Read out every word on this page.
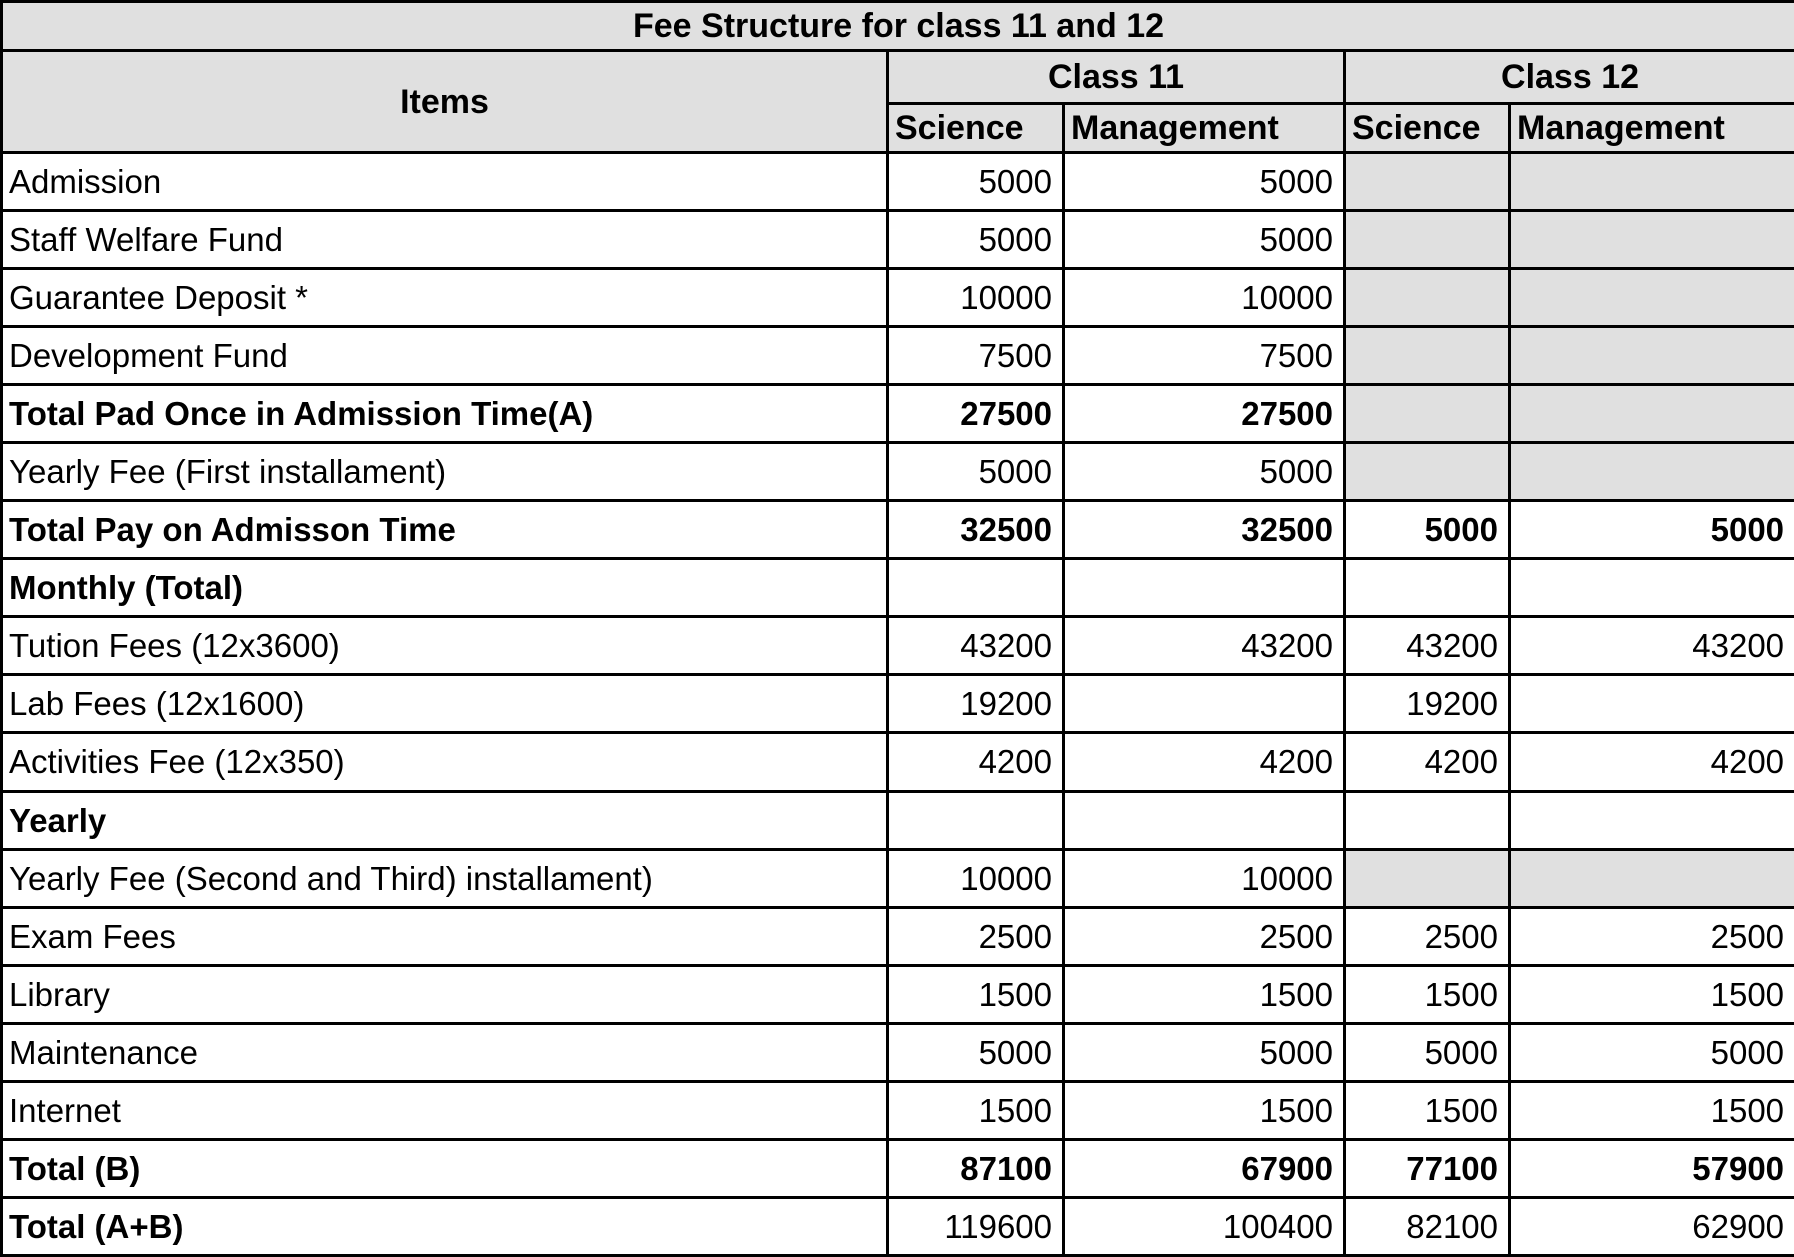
Fee Structure for class 11 and 12				
Items	Class 11		Class 12	
	Science	Management	Science	Management
Admission	5000	5000		
Staff Welfare Fund	5000	5000		
Guarantee Deposit *	10000	10000		
Development Fund	7500	7500		
Total Pad Once in Admission Time(A)	27500	27500		
Yearly Fee (First installament)	5000	5000		
Total Pay on Admisson Time	32500	32500	5000	5000
Monthly (Total)				
Tution Fees (12x3600)	43200	43200	43200	43200
Lab Fees (12x1600)	19200		19200	
Activities Fee (12x350)	4200	4200	4200	4200
Yearly				
Yearly Fee (Second and Third) installament)	10000	10000		
Exam Fees	2500	2500	2500	2500
Library	1500	1500	1500	1500
Maintenance	5000	5000	5000	5000
Internet	1500	1500	1500	1500
Total (B)	87100	67900	77100	57900
Total (A+B)	119600	100400	82100	62900
